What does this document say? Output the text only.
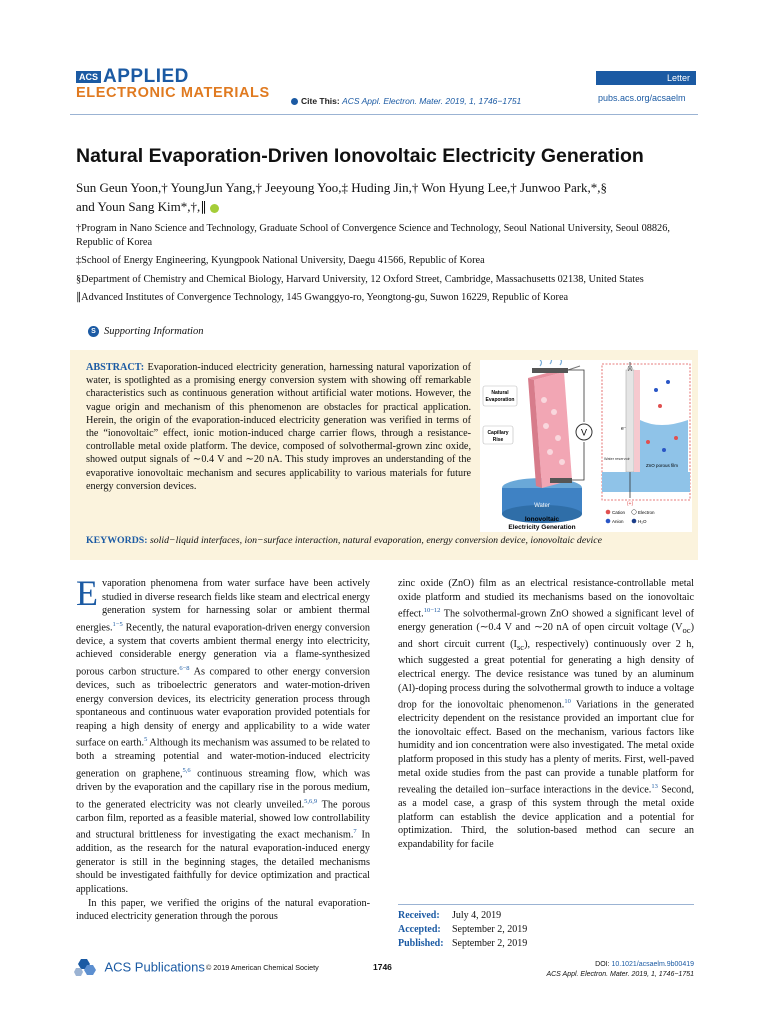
ACS APPLIED
ELECTRONIC MATERIALS	Cite This: ACS Appl. Electron. Mater. 2019, 1, 1746−1751
Letter
pubs.acs.org/acsaelm
Natural Evaporation-Driven Ionovoltaic Electricity Generation
Sun Geun Yoon,† YoungJun Yang,† Jeeyoung Yoo,‡ Huding Jin,† Won Hyung Lee,† Junwoo Park,*,§
and Youn Sang Kim*,†,∥

†Program in Nano Science and Technology, Graduate School of Convergence Science and Technology, Seoul National University, Seoul 08826, Republic of Korea

‡School of Energy Engineering, Kyungpook National University, Daegu 41566, Republic of Korea

§Department of Chemistry and Chemical Biology, Harvard University, 12 Oxford Street, Cambridge, Massachusetts 02138, United States

∥Advanced Institutes of Convergence Technology, 145 Gwanggyo-ro, Yeongtong-gu, Suwon 16229, Republic of Korea

S Supporting Information
ABSTRACT: Evaporation-induced electricity generation, harnessing natural vaporization of water, is spotlighted as a promising energy conversion system with showing off remarkable characteristics such as continuous generation without artificial water motions. However, the vague origin and mechanism of this phenomenon are obstacles for practical application. Herein, the origin of the evaporation-induced electricity generation was verified in terms of the “ionovoltaic” effect, ionic motion-induced charge carrier flows, through a resistance-controllable metal oxide platform. The device, composed of solvothermal-grown zinc oxide, showed output signals of ∼0.4 V and ∼20 nA. This study improves an understanding of the evaporative ionovoltaic mechanism and secures applicability to various materials for future energy conversion devices.
Natural
Evaporation
Capillary
Rise
Water
V
Ionovoltaic
Electricity Generation
(-)
(+)
e⁻
ZnO porous film
Water reservoir
Cation	Electron
Anion	H₂O
KEYWORDS: solid−liquid interfaces, ion−surface interaction, natural evaporation, energy conversion device, ionovoltaic device

Evaporation phenomena from water surface have been actively studied in diverse research fields like steam and electrical energy generation system for harnessing solar or ambient thermal energies.$^{1-5}$ Recently, the natural evaporation-driven energy conversion device, a system that coverts ambient thermal energy into electricity, achieved considerable energy generation via a flame-synthesized porous carbon structure.$^{6-8}$ As compared to other energy conversion devices, such as triboelectric generators and water-motion-driven energy conversion devices, its electricity generation process through spontaneous and continuous water evaporation provided potentials for reaping a high density of energy and applicability to a wide water surface on earth.$^5$ Although its mechanism was assumed to be related to both a streaming potential and water-motion-induced electricity generation on graphene,$^{5,6}$ continuous streaming flow, which was driven by the evaporation and the capillary rise in the porous medium, to the generated electricity was not clearly unveiled.$^{5,6,9}$ The porous carbon film, reported as a feasible material, showed low controllability and structural brittleness for investigating the exact mechanism.$^7$ In addition, as the research for the natural evaporation-induced energy generator is still in the beginning stages, the detailed mechanisms should be investigated faithfully for device optimization and practical applications.

In this paper, we verified the origins of the natural evaporation-induced electricity generation through the porous

zinc oxide (ZnO) film as an electrical resistance-controllable metal oxide platform and studied its mechanisms based on the ionovoltaic effect.$^{10-12}$ The solvothermal-grown ZnO showed a significant level of energy generation (∼0.4 V and ∼20 nA of open circuit voltage $(V_{oc})$ and short circuit current $(I_{sc})$, respectively) continuously over 2 h, which suggested a great potential for generating a high density of electrical energy. The device resistance was tuned by an aluminum (Al)-doping process during the solvothermal growth to induce a voltage drop for the ionovoltaic phenomenon.$^{10}$ Variations in the generated electricity dependent on the resistance provided an important clue for the ionovoltaic effect. Based on the mechanism, various factors like humidity and ion concentration were also investigated. The metal oxide platform proposed in this study has a plenty of merits. First, well-paved metal oxide studies from the past can provide a tunable platform for revealing the detailed ion−surface interactions in the device.$^{13}$ Second, as a model case, a grasp of this system through the metal oxide platform can establish the device application and a potential for optimization. Third, the solution-based method can secure an expandability for facile

Received: July 4, 2019
Accepted: September 2, 2019
Published: September 2, 2019
ACS Publications © 2019 American Chemical Society	1746	DOI: 10.1021/acsaelm.9b00419
ACS Appl. Electron. Mater. 2019, 1, 1746−1751
